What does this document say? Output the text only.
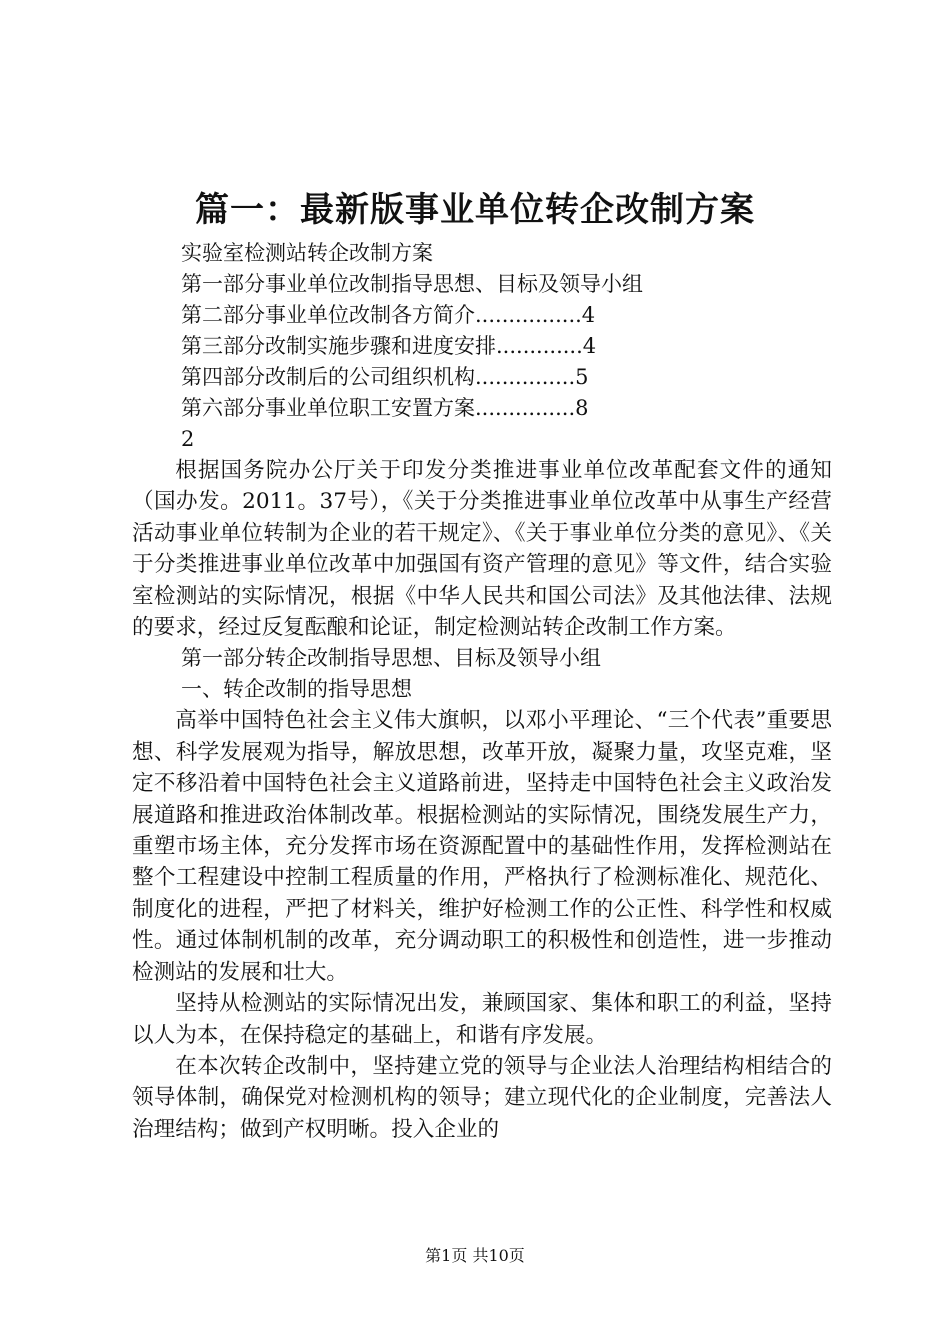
篇一：最新版事业单位转企改制方案
实验室检测站转企改制方案
第一部分事业单位改制指导思想、目标及领导小组
第二部分事业单位改制各方简介................4
第三部分改制实施步骤和进度安排.............4
第四部分改制后的公司组织机构...............5
第六部分事业单位职工安置方案...............8
2

根据国务院办公厅关于印发分类推进事业单位改革配套文件的通知（国办发。2011。37号），《关于分类推进事业单位改革中从事生产经营活动事业单位转制为企业的若干规定》、《关于事业单位分类的意见》、《关于分类推进事业单位改革中加强国有资产管理的意见》等文件，结合实验室检测站的实际情况，根据《中华人民共和国公司法》及其他法律、法规的要求，经过反复酝酿和论证，制定检测站转企改制工作方案。

第一部分转企改制指导思想、目标及领导小组

一、转企改制的指导思想

高举中国特色社会主义伟大旗帜，以邓小平理论、“三个代表”重要思想、科学发展观为指导，解放思想，改革开放，凝聚力量，攻坚克难，坚定不移沿着中国特色社会主义道路前进，坚持走中国特色社会主义政治发展道路和推进政治体制改革。根据检测站的实际情况，围绕发展生产力，重塑市场主体，充分发挥市场在资源配置中的基础性作用，发挥检测站在整个工程建设中控制工程质量的作用，严格执行了检测标准化、规范化、制度化的进程，严把了材料关，维护好检测工作的公正性、科学性和权威性。通过体制机制的改革，充分调动职工的积极性和创造性，进一步推动检测站的发展和壮大。

坚持从检测站的实际情况出发，兼顾国家、集体和职工的利益，坚持以人为本，在保持稳定的基础上，和谐有序发展。

在本次转企改制中，坚持建立党的领导与企业法人治理结构相结合的领导体制，确保党对检测机构的领导；建立现代化的企业制度，完善法人治理结构；做到产权明晰。投入企业的

第1页 共10页
